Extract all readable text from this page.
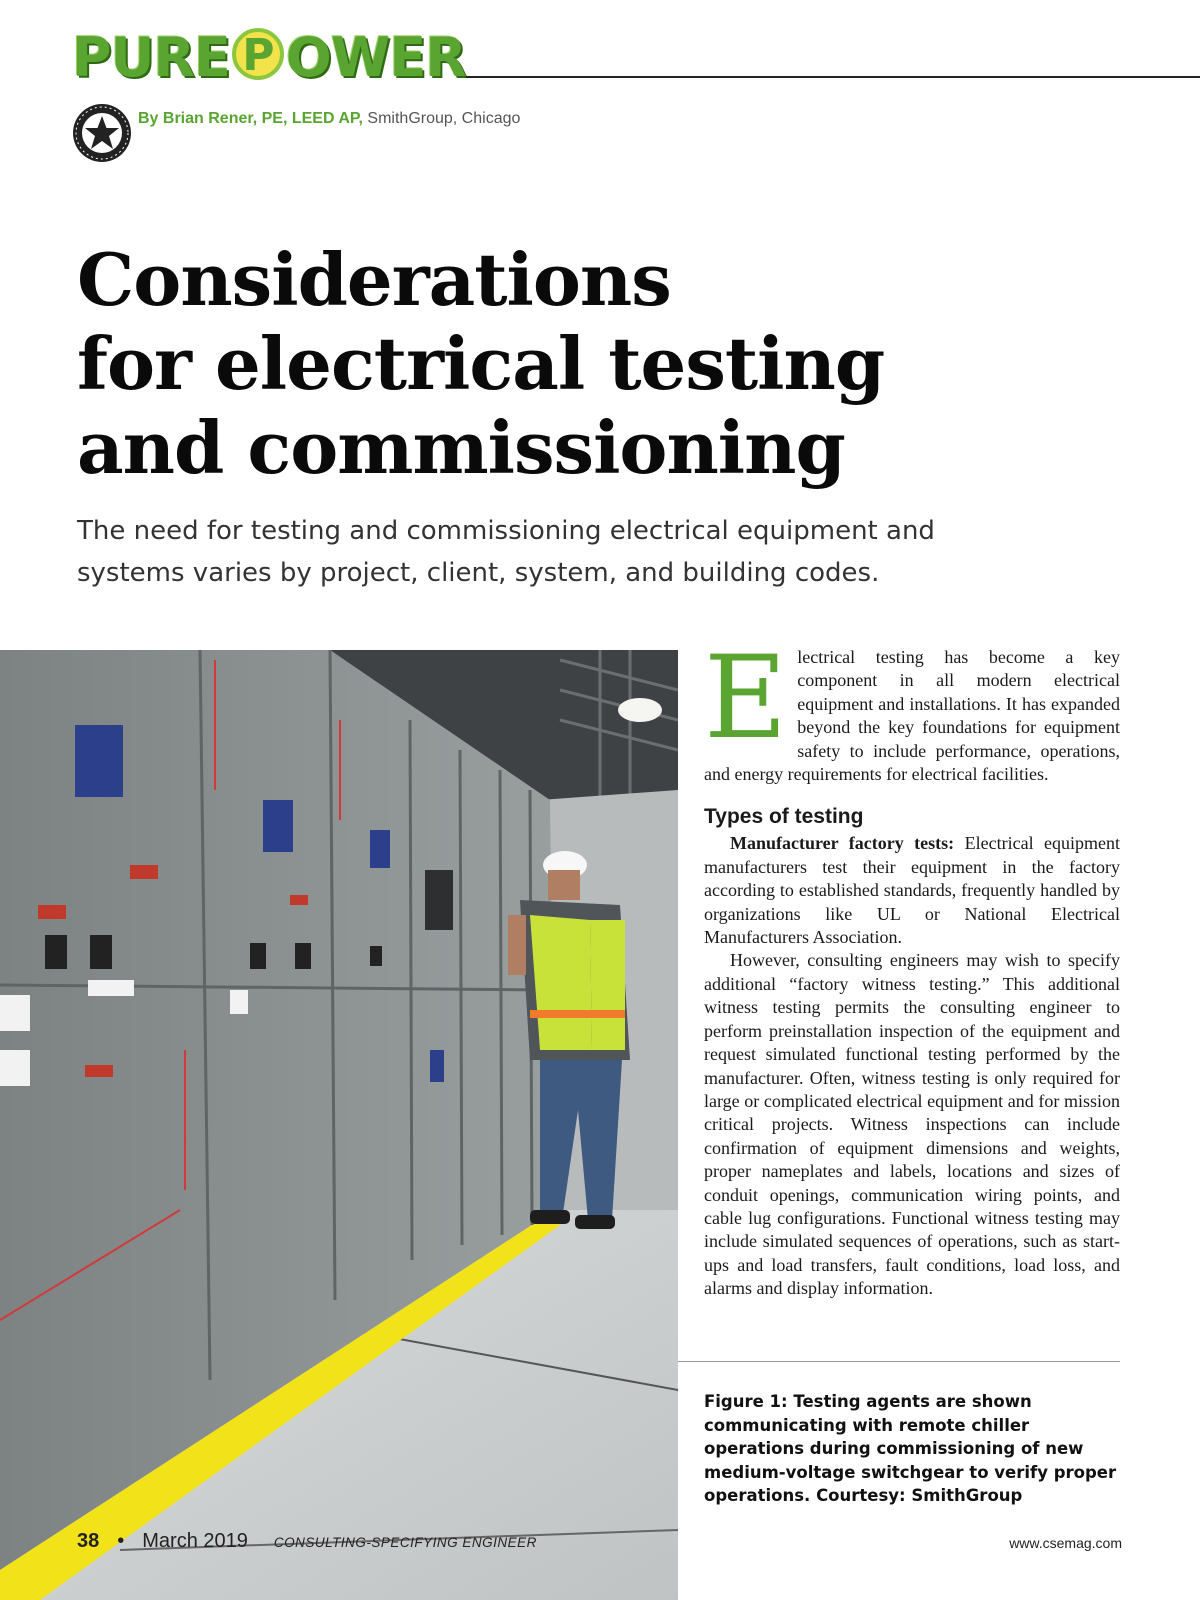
PURE P OWER
By Brian Rener, PE, LEED AP, SmithGroup, Chicago
Considerations
for electrical testing
and commissioning
The need for testing and commissioning electrical equipment and
systems varies by project, client, system, and building codes.
E lectrical testing has become a key component in all modern electrical equipment and installations. It has expanded beyond the key foundations for equipment safety to include performance, operations, and energy requirements for electrical facilities.

Types of testing

Manufacturer factory tests: Electrical equipment manufacturers test their equipment in the factory according to established standards, frequently handled by organizations like UL or National Electrical Manufacturers Association.

However, consulting engineers may wish to specify additional “factory witness testing.” This additional witness testing permits the consulting engineer to perform preinstallation inspection of the equipment and request simulated functional testing performed by the manufacturer. Often, witness testing is only required for large or complicated electrical equipment and for mission critical projects. Witness inspections can include confirmation of equipment dimensions and weights, proper nameplates and labels, locations and sizes of conduit openings, communication wiring points, and cable lug configurations. Functional witness testing may include simulated sequences of operations, such as start-ups and load transfers, fault conditions, load loss, and alarms and display information.

Figure 1: Testing agents are shown communicating with remote chiller operations during commissioning of new medium-voltage switchgear to verify proper operations. Courtesy: SmithGroup
38 • March 2019 CONSULTING-SPECIFYING ENGINEER	www.csemag.com
